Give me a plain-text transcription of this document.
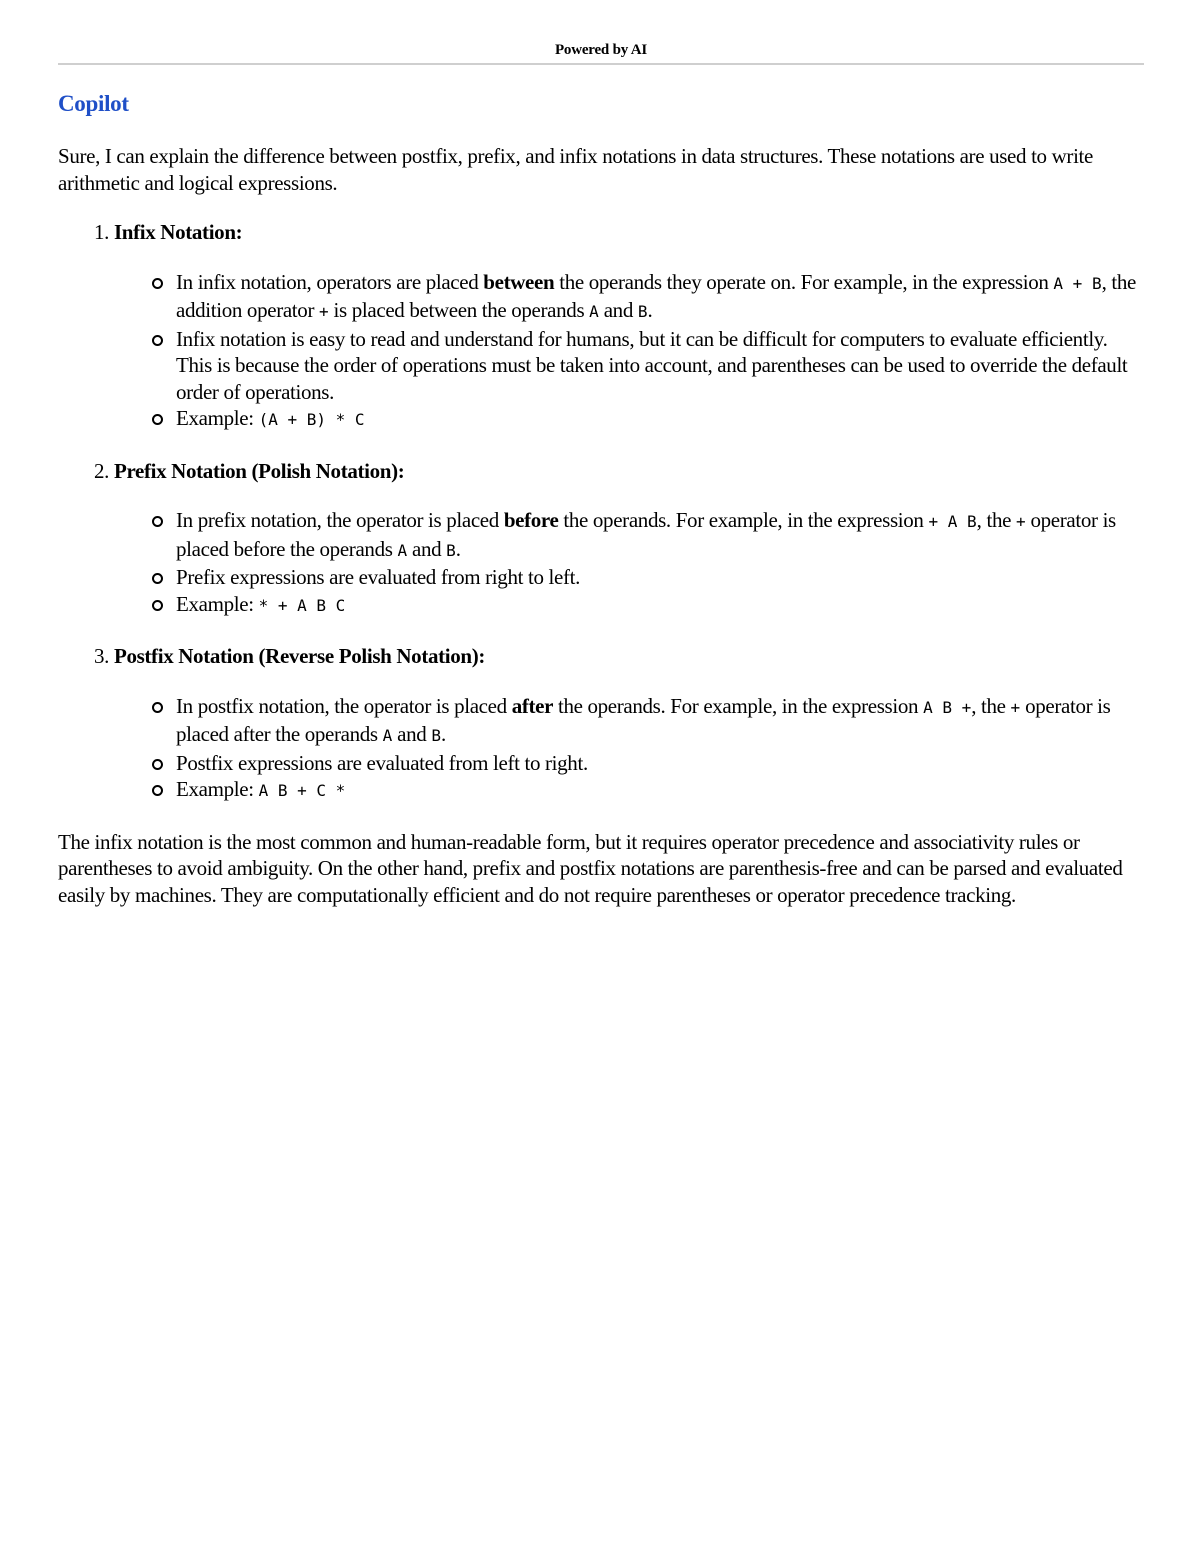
Powered by AI
Copilot
Sure, I can explain the difference between postfix, prefix, and infix notations in data structures. These notations are used to write arithmetic and logical expressions.
1. Infix Notation:
In infix notation, operators are placed between the operands they operate on. For example, in the expression A + B, the addition operator + is placed between the operands A and B.
Infix notation is easy to read and understand for humans, but it can be difficult for computers to evaluate efficiently. This is because the order of operations must be taken into account, and parentheses can be used to override the default order of operations.
Example: (A + B) * C
2. Prefix Notation (Polish Notation):
In prefix notation, the operator is placed before the operands. For example, in the expression + A B, the + operator is placed before the operands A and B.
Prefix expressions are evaluated from right to left.
Example: * + A B C
3. Postfix Notation (Reverse Polish Notation):
In postfix notation, the operator is placed after the operands. For example, in the expression A B +, the + operator is placed after the operands A and B.
Postfix expressions are evaluated from left to right.
Example: A B + C *
The infix notation is the most common and human-readable form, but it requires operator precedence and associativity rules or parentheses to avoid ambiguity. On the other hand, prefix and postfix notations are parenthesis-free and can be parsed and evaluated easily by machines. They are computationally efficient and do not require parentheses or operator precedence tracking.
